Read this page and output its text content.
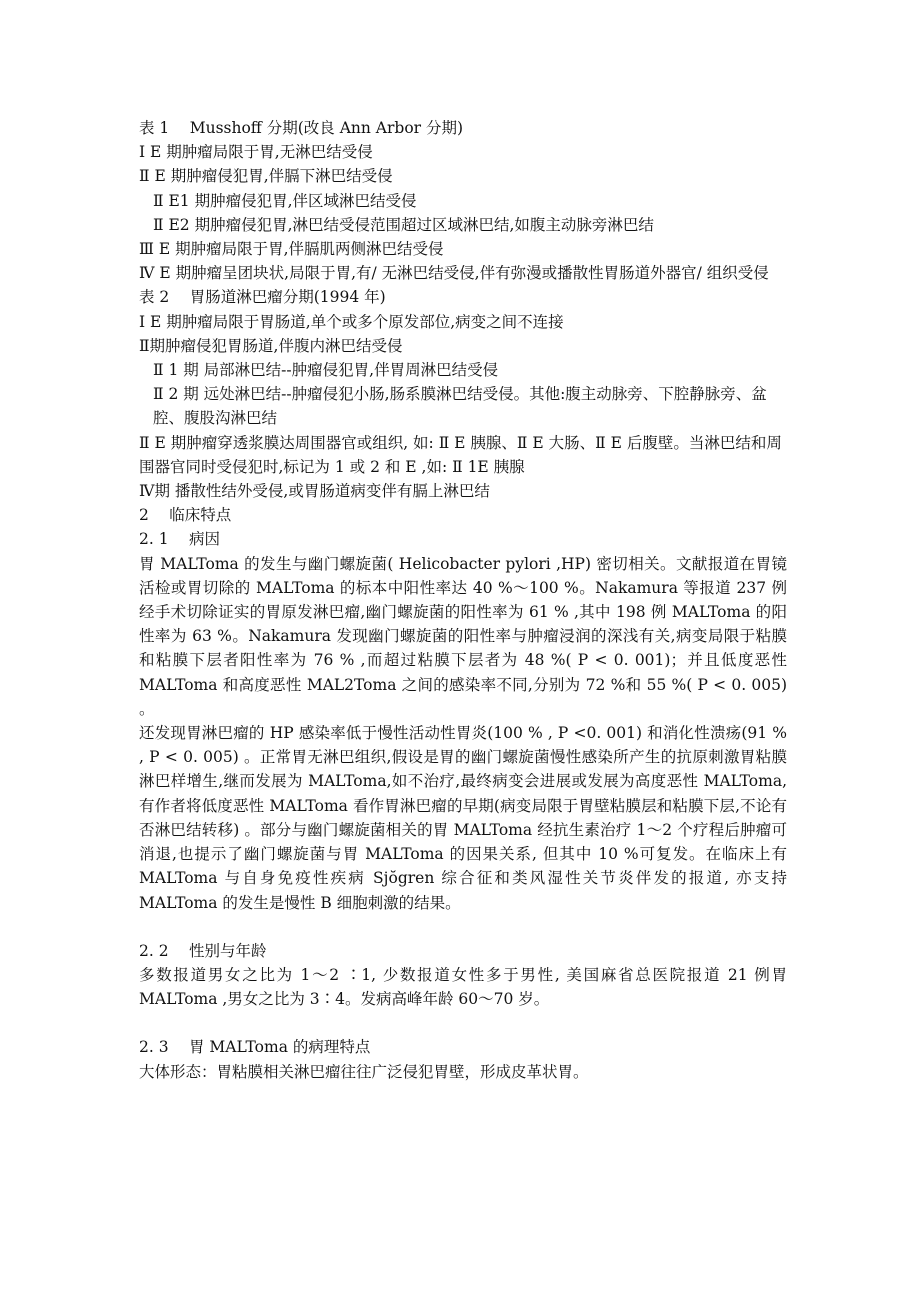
表 1　 Musshoff 分期(改良 Ann Arbor 分期)

Ⅰ E 期肿瘤局限于胃,无淋巴结受侵

Ⅱ E 期肿瘤侵犯胃,伴膈下淋巴结受侵

Ⅱ E1 期肿瘤侵犯胃,伴区域淋巴结受侵

Ⅱ E2 期肿瘤侵犯胃,淋巴结受侵范围超过区域淋巴结,如腹主动脉旁淋巴结

Ⅲ E 期肿瘤局限于胃,伴膈肌两侧淋巴结受侵

Ⅳ E 期肿瘤呈团块状,局限于胃,有/ 无淋巴结受侵,伴有弥漫或播散性胃肠道外器官/ 组织受侵

表 2　 胃肠道淋巴瘤分期(1994 年)

Ⅰ E 期肿瘤局限于胃肠道,单个或多个原发部位,病变之间不连接

Ⅱ期肿瘤侵犯胃肠道,伴腹内淋巴结受侵

Ⅱ 1 期 局部淋巴结--肿瘤侵犯胃,伴胃周淋巴结受侵

Ⅱ 2 期 远处淋巴结--肿瘤侵犯小肠,肠系膜淋巴结受侵。其他:腹主动脉旁、下腔静脉旁、盆腔、腹股沟淋巴结

Ⅱ E 期肿瘤穿透浆膜达周围器官或组织, 如: Ⅱ E 胰腺、Ⅱ E 大肠、Ⅱ E 后腹壁。当淋巴结和周围器官同时受侵犯时,标记为 1 或 2 和 E ,如: Ⅱ 1E 胰腺

Ⅳ期 播散性结外受侵,或胃肠道病变伴有膈上淋巴结

2　 临床特点

2. 1　 病因

胃 MALToma 的发生与幽门螺旋菌( Helicobacter pylori ,HP) 密切相关。文献报道在胃镜活检或胃切除的 MALToma 的标本中阳性率达 40 %～100 %。Nakamura 等报道 237 例经手术切除证实的胃原发淋巴瘤,幽门螺旋菌的阳性率为 61 % ,其中 198 例 MALToma 的阳性率为 63 %。Nakamura 发现幽门螺旋菌的阳性率与肿瘤浸润的深浅有关,病变局限于粘膜和粘膜下层者阳性率为 76 % ,而超过粘膜下层者为 48 %( P < 0. 001)；并且低度恶性 MALToma 和高度恶性 MAL2Toma 之间的感染率不同,分别为 72 %和 55 %( P < 0. 005) 。

还发现胃淋巴瘤的 HP 感染率低于慢性活动性胃炎(100 % , P <0. 001) 和消化性溃疡(91 % , P < 0. 005) 。正常胃无淋巴组织,假设是胃的幽门螺旋菌慢性感染所产生的抗原刺激胃粘膜淋巴样增生,继而发展为 MALToma,如不治疗,最终病变会进展或发展为高度恶性 MALToma,有作者将低度恶性 MALToma 看作胃淋巴瘤的早期(病变局限于胃壁粘膜层和粘膜下层,不论有否淋巴结转移) 。部分与幽门螺旋菌相关的胃 MALToma 经抗生素治疗 1～2 个疗程后肿瘤可消退,也提示了幽门螺旋菌与胃 MALToma 的因果关系, 但其中 10 %可复发。在临床上有 MALToma 与自身免疫性疾病 Sjŏgren 综合征和类风湿性关节炎伴发的报道, 亦支持 MALToma 的发生是慢性 B 细胞刺激的结果。

2. 2　 性别与年龄

多数报道男女之比为 1～2 ∶1, 少数报道女性多于男性, 美国麻省总医院报道 21 例胃 MALToma ,男女之比为 3∶4。发病高峰年龄 60～70 岁。

2. 3　 胃 MALToma 的病理特点

大体形态：胃粘膜相关淋巴瘤往往广泛侵犯胃壁，形成皮革状胃。
